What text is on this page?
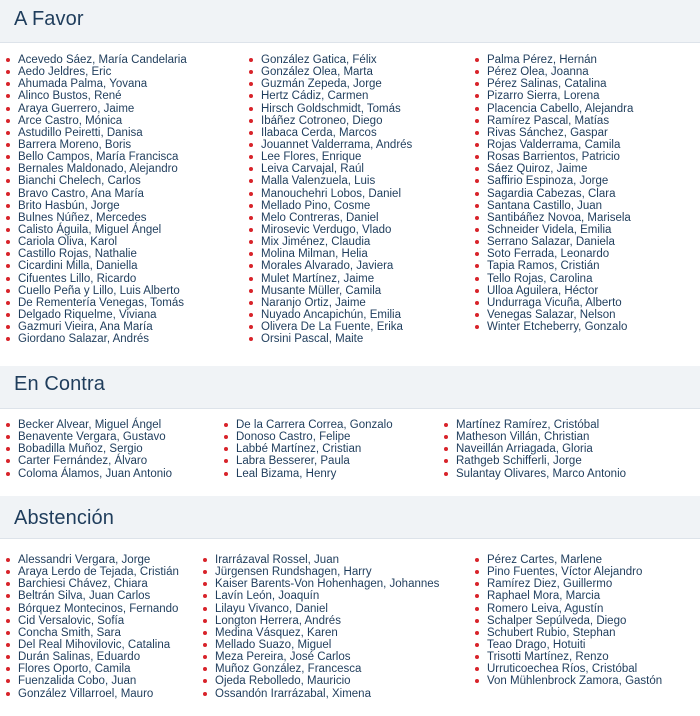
A Favor
Acevedo Sáez, María Candelaria
Aedo Jeldres, Eric
Ahumada Palma, Yovana
Alinco Bustos, René
Araya Guerrero, Jaime
Arce Castro, Mónica
Astudillo Peiretti, Danisa
Barrera Moreno, Boris
Bello Campos, María Francisca
Bernales Maldonado, Alejandro
Bianchi Chelech, Carlos
Bravo Castro, Ana María
Brito Hasbún, Jorge
Bulnes Núñez, Mercedes
Calisto Águila, Miguel Ángel
Cariola Oliva, Karol
Castillo Rojas, Nathalie
Cicardini Milla, Daniella
Cifuentes Lillo, Ricardo
Cuello Peña y Lillo, Luis Alberto
De Rementería Venegas, Tomás
Delgado Riquelme, Viviana
Gazmuri Vieira, Ana María
Giordano Salazar, Andrés
González Gatica, Félix
González Olea, Marta
Guzmán Zepeda, Jorge
Hertz Cádiz, Carmen
Hirsch Goldschmidt, Tomás
Ibáñez Cotroneo, Diego
Ilabaca Cerda, Marcos
Jouannet Valderrama, Andrés
Lee Flores, Enrique
Leiva Carvajal, Raúl
Malla Valenzuela, Luis
Manouchehri Lobos, Daniel
Mellado Pino, Cosme
Melo Contreras, Daniel
Mirosevic Verdugo, Vlado
Mix Jiménez, Claudia
Molina Milman, Helia
Morales Alvarado, Javiera
Mulet Martínez, Jaime
Musante Müller, Camila
Naranjo Ortiz, Jaime
Nuyado Ancapichún, Emilia
Olivera De La Fuente, Erika
Orsini Pascal, Maite
Palma Pérez, Hernán
Pérez Olea, Joanna
Pérez Salinas, Catalina
Pizarro Sierra, Lorena
Placencia Cabello, Alejandra
Ramírez Pascal, Matías
Rivas Sánchez, Gaspar
Rojas Valderrama, Camila
Rosas Barrientos, Patricio
Sáez Quiroz, Jaime
Saffirio Espinoza, Jorge
Sagardia Cabezas, Clara
Santana Castillo, Juan
Santibáñez Novoa, Marisela
Schneider Videla, Emilia
Serrano Salazar, Daniela
Soto Ferrada, Leonardo
Tapia Ramos, Cristián
Tello Rojas, Carolina
Ulloa Aguilera, Héctor
Undurraga Vicuña, Alberto
Venegas Salazar, Nelson
Winter Etcheberry, Gonzalo
En Contra
Becker Alvear, Miguel Ángel
Benavente Vergara, Gustavo
Bobadilla Muñoz, Sergio
Carter Fernández, Álvaro
Coloma Álamos, Juan Antonio
De la Carrera Correa, Gonzalo
Donoso Castro, Felipe
Labbé Martínez, Cristian
Labra Besserer, Paula
Leal Bizama, Henry
Martínez Ramírez, Cristóbal
Matheson Villán, Christian
Naveillán Arriagada, Gloria
Rathgeb Schifferli, Jorge
Sulantay Olivares, Marco Antonio
Abstención
Alessandri Vergara, Jorge
Araya Lerdo de Tejada, Cristián
Barchiesi Chávez, Chiara
Beltrán Silva, Juan Carlos
Bórquez Montecinos, Fernando
Cid Versalovic, Sofía
Concha Smith, Sara
Del Real Mihovilovic, Catalina
Durán Salinas, Eduardo
Flores Oporto, Camila
Fuenzalida Cobo, Juan
González Villarroel, Mauro
Irarrázaval Rossel, Juan
Jürgensen Rundshagen, Harry
Kaiser Barents-Von Hohenhagen, Johannes
Lavín León, Joaquín
Lilayu Vivanco, Daniel
Longton Herrera, Andrés
Medina Vásquez, Karen
Mellado Suazo, Miguel
Meza Pereira, José Carlos
Muñoz González, Francesca
Ojeda Rebolledo, Mauricio
Ossandón Irarrázabal, Ximena
Pérez Cartes, Marlene
Pino Fuentes, Víctor Alejandro
Ramírez Diez, Guillermo
Raphael Mora, Marcia
Romero Leiva, Agustín
Schalper Sepúlveda, Diego
Schubert Rubio, Stephan
Teao Drago, Hotuiti
Trisotti Martínez, Renzo
Urruticoechea Ríos, Cristóbal
Von Mühlenbrock Zamora, Gastón
